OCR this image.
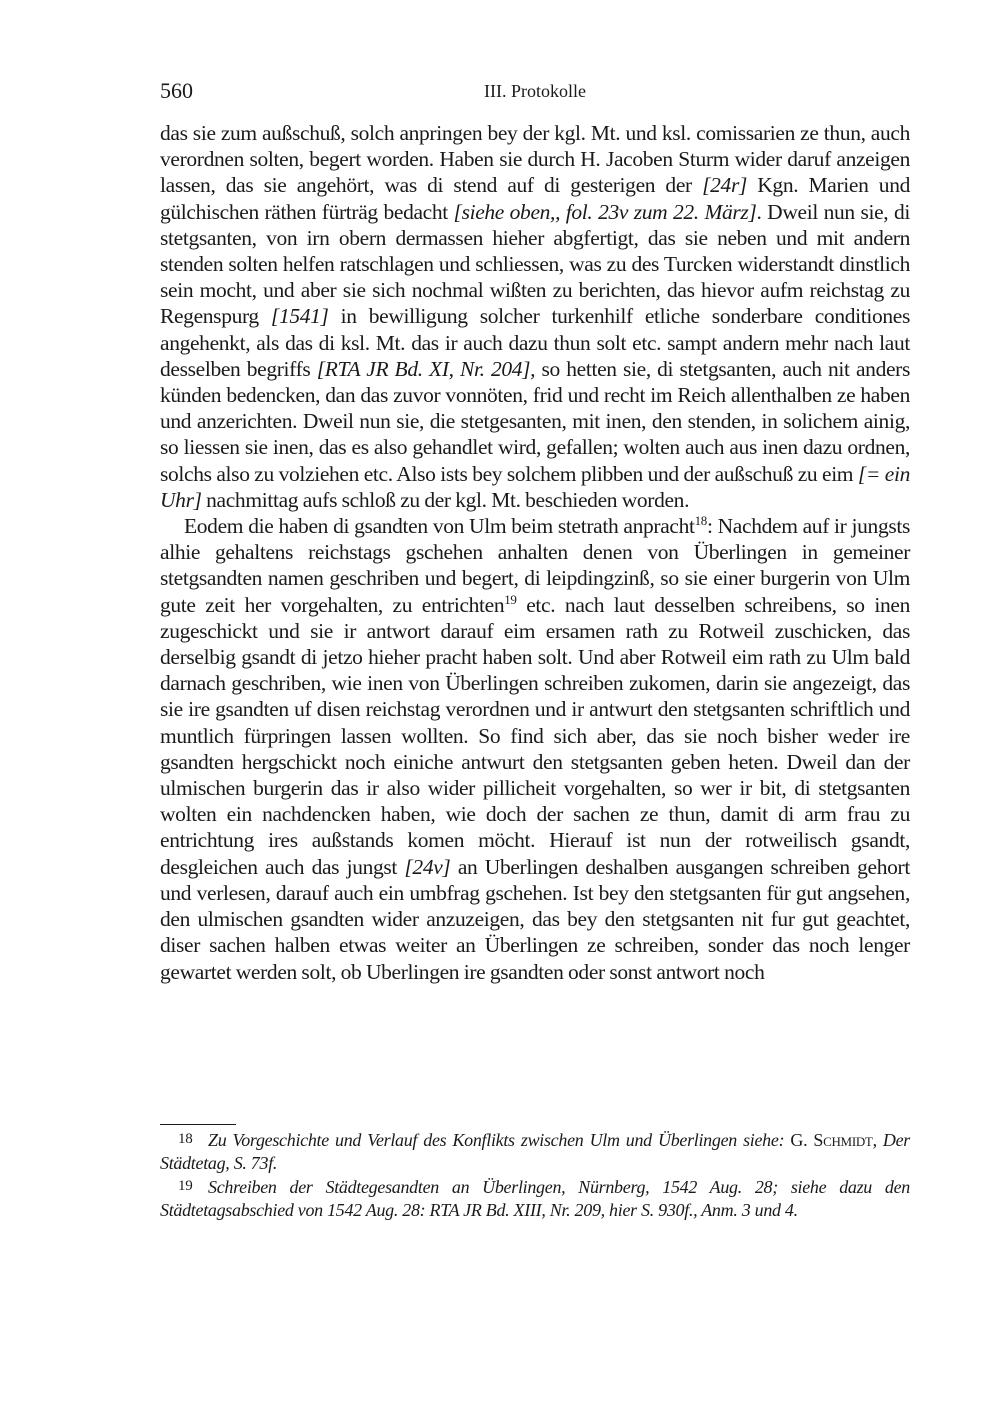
560	III. Protokolle

das sie zum außschuß, solch anpringen bey der kgl. Mt. und ksl. comissarien ze thun, auch verordnen solten, begert worden. Haben sie durch H. Jacoben Sturm wider daruf anzeigen lassen, das sie angehört, was di stend auf di gesterigen der [24r] Kgn. Marien und gülchischen räthen fürträg bedacht [siehe oben,, fol. 23v zum 22. März]. Dweil nun sie, di stetgsanten, von irn obern dermassen hieher abgfertigt, das sie neben und mit andern stenden solten helfen ratschlagen und schliessen, was zu des Turcken widerstandt dinstlich sein mocht, und aber sie sich nochmal wißten zu berichten, das hievor aufm reichstag zu Regenspurg [1541] in bewilligung solcher turkenhilf etliche sonderbare conditiones angehenkt, als das di ksl. Mt. das ir auch dazu thun solt etc. sampt andern mehr nach laut desselben begriffs [RTA JR Bd. XI, Nr. 204], so hetten sie, di stetgsanten, auch nit anders künden bedencken, dan das zuvor vonnöten, frid und recht im Reich allenthalben ze haben und anzerichten. Dweil nun sie, die stetgesanten, mit inen, den stenden, in solichem ainig, so liessen sie inen, das es also gehandlet wird, gefallen; wolten auch aus inen dazu ordnen, solchs also zu volziehen etc. Also ists bey solchem plibben und der außschuß zu eim [= ein Uhr] nachmittag aufs schloß zu der kgl. Mt. beschieden worden.

Eodem die haben di gsandten von Ulm beim stetrath anpracht$^{18}$: Nachdem auf ir jungsts alhie gehaltens reichstags gschehen anhalten denen von Überlingen in gemeiner stetgsandten namen geschriben und begert, di leipdingzinß, so sie einer burgerin von Ulm gute zeit her vorgehalten, zu entrichten$^{19}$ etc. nach laut desselben schreibens, so inen zugeschickt und sie ir antwort darauf eim ersamen rath zu Rotweil zuschicken, das derselbig gsandt di jetzo hieher pracht haben solt. Und aber Rotweil eim rath zu Ulm bald darnach geschriben, wie inen von Überlingen schreiben zukomen, darin sie angezeigt, das sie ire gsandten uf disen reichstag verordnen und ir antwurt den stetgsanten schriftlich und muntlich fürpringen lassen wollten. So find sich aber, das sie noch bisher weder ire gsandten hergschickt noch einiche antwurt den stetgsanten geben heten. Dweil dan der ulmischen burgerin das ir also wider pillicheit vorgehalten, so wer ir bit, di stetgsanten wolten ein nachdencken haben, wie doch der sachen ze thun, damit di arm frau zu entrichtung ires außstands komen möcht. Hierauf ist nun der rotweilisch gsandt, desgleichen auch das jungst [24v] an Uberlingen deshalben ausgangen schreiben gehort und verlesen, darauf auch ein umbfrag gschehen. Ist bey den stetgsanten für gut angsehen, den ulmischen gsandten wider anzuzeigen, das bey den stetgsanten nit fur gut geachtet, diser sachen halben etwas weiter an Überlingen ze schreiben, sonder das noch lenger gewartet werden solt, ob Uberlingen ire gsandten oder sonst antwort noch

18 Zu Vorgeschichte und Verlauf des Konflikts zwischen Ulm und Überlingen siehe: G. Schmidt, Der Städtetag, S. 73f.

19 Schreiben der Städtegesandten an Überlingen, Nürnberg, 1542 Aug. 28; siehe dazu den Städtetagsabschied von 1542 Aug. 28: RTA JR Bd. XIII, Nr. 209, hier S. 930f., Anm. 3 und 4.
